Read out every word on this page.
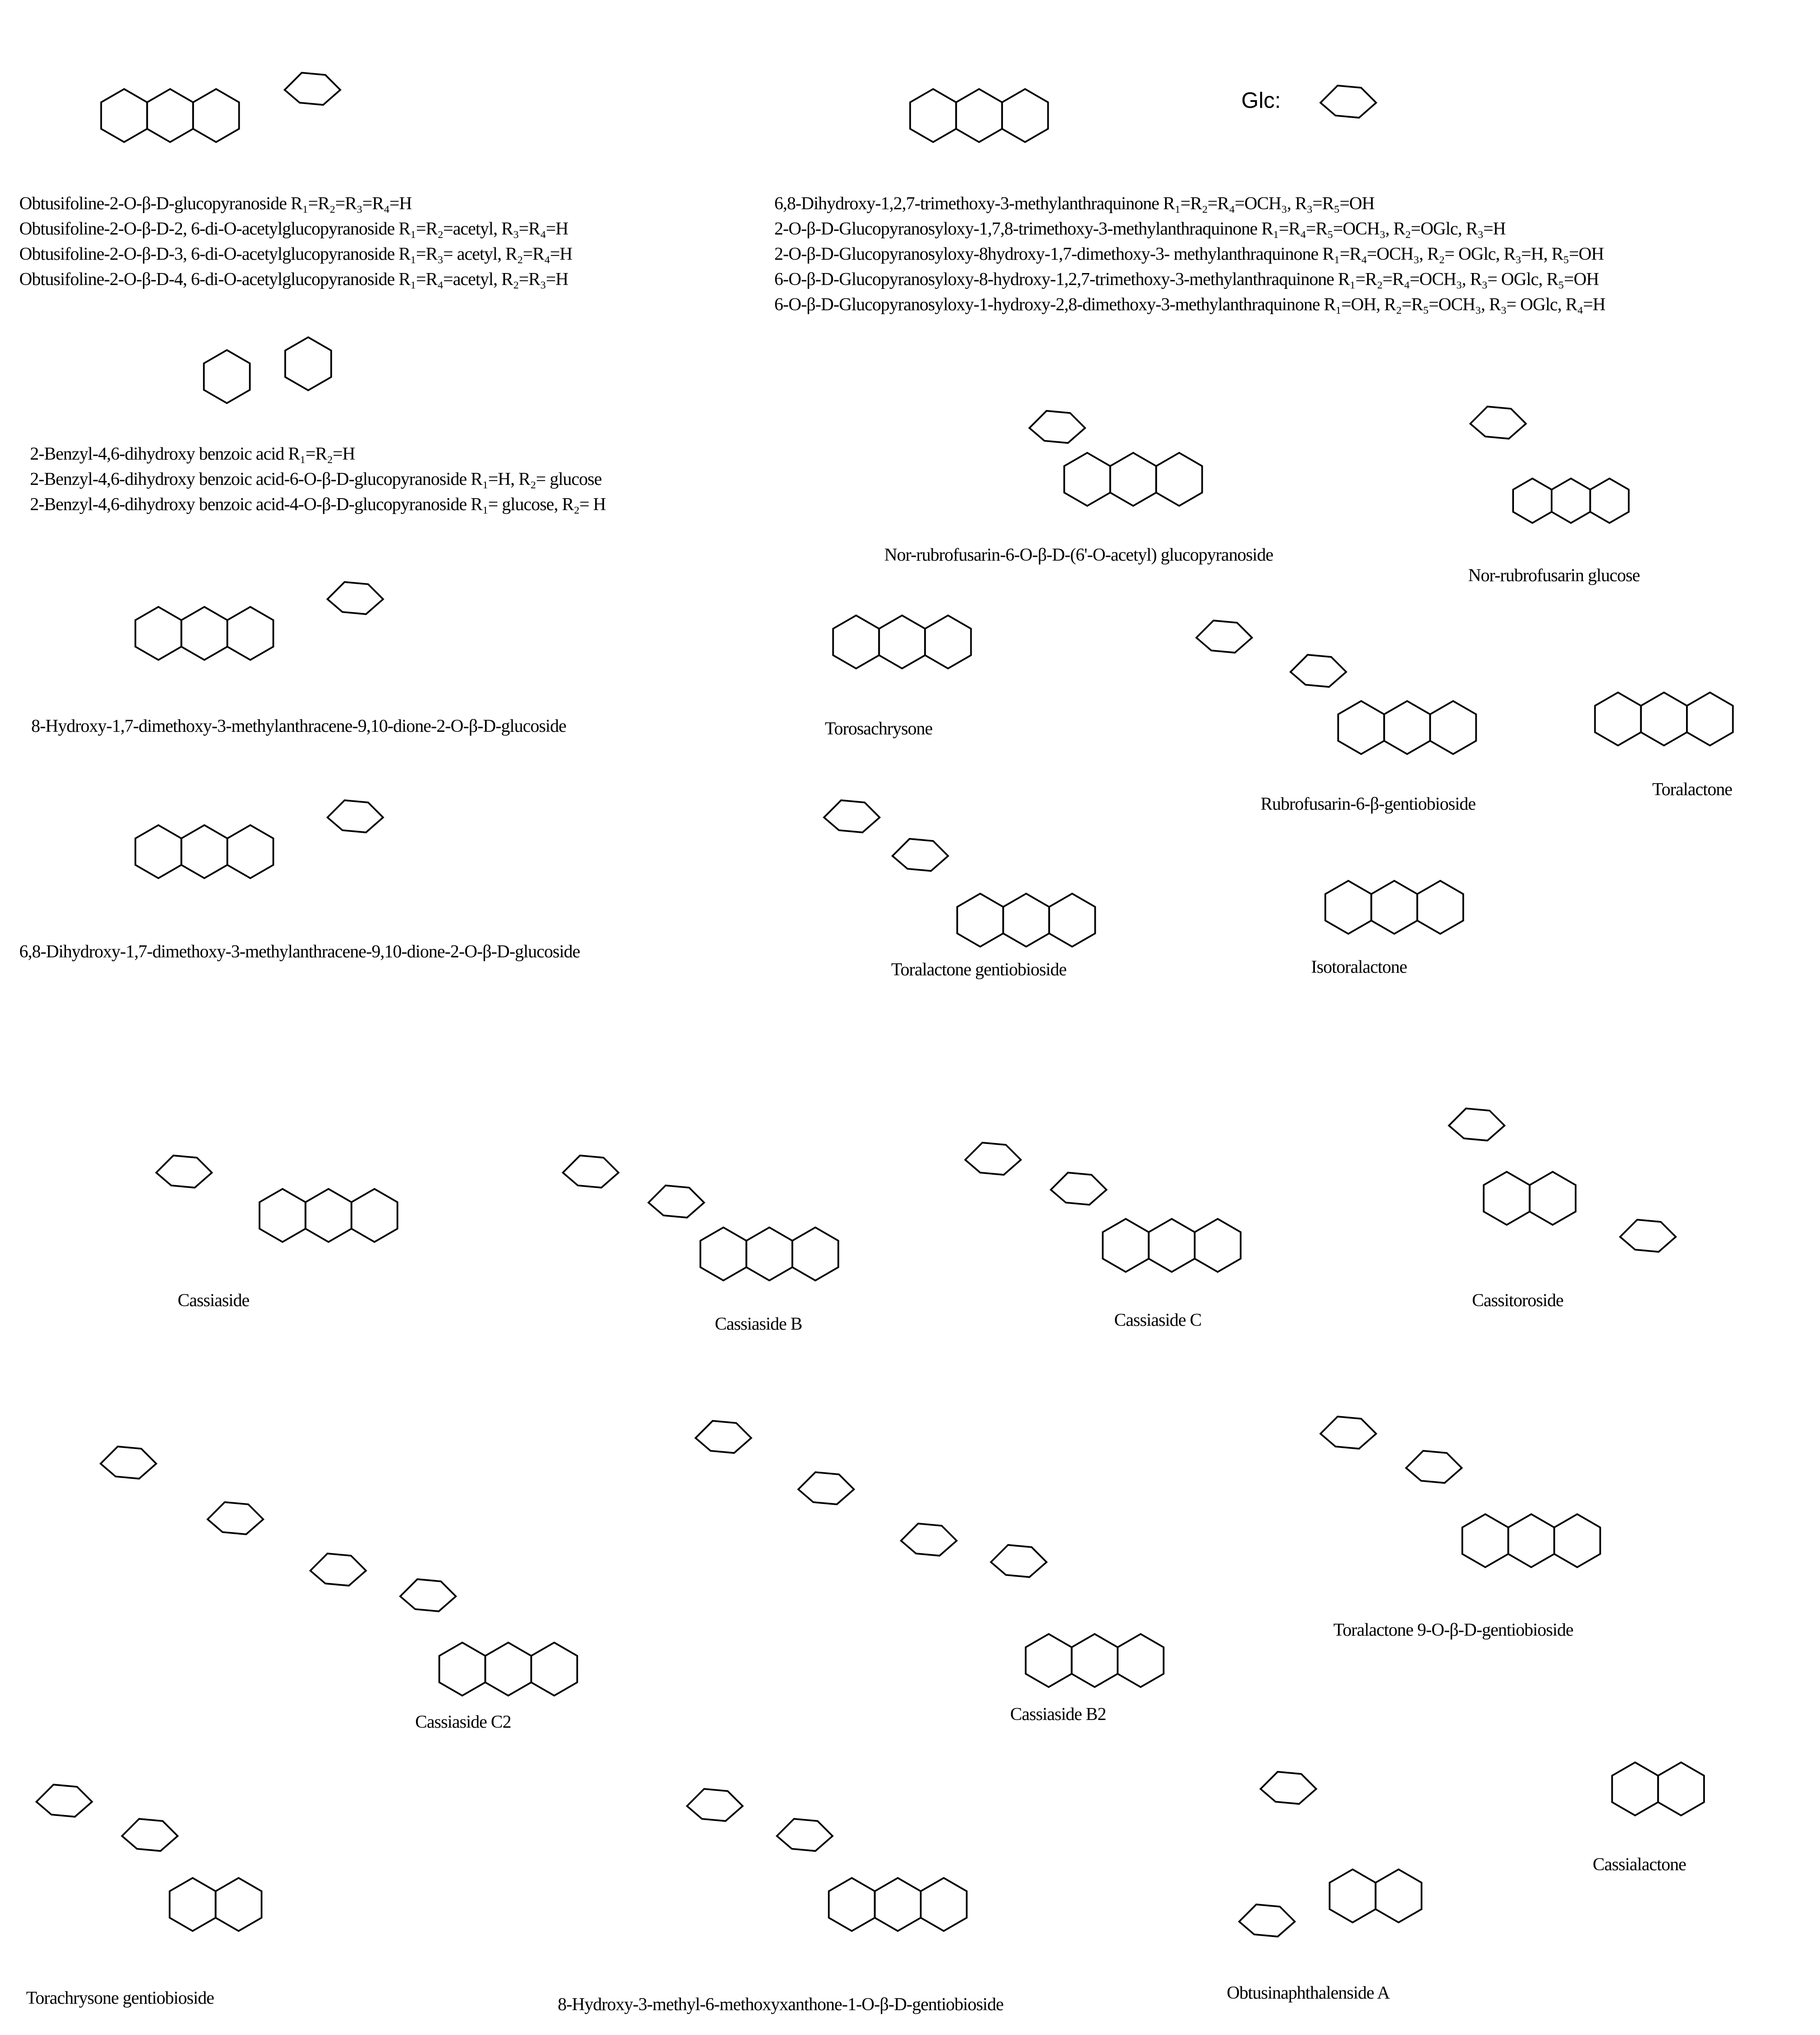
Glc:
Obtusifoline-2-O-β-D-glucopyranoside R₁=R₂=R₃=R₄=H
Obtusifoline-2-O-β-D-2, 6-di-O-acetylglucopyranoside R₁=R₂=acetyl, R₃=R₄=H
Obtusifoline-2-O-β-D-3, 6-di-O-acetylglucopyranoside R₁=R₃= acetyl, R₂=R₄=H
Obtusifoline-2-O-β-D-4, 6-di-O-acetylglucopyranoside R₁=R₄=acetyl, R₂=R₃=H
6,8-Dihydroxy-1,2,7-trimethoxy-3-methylanthraquinone R₁=R₂=R₄=OCH₃, R₃=R₅=OH
2-O-β-D-Glucopyranosyloxy-1,7,8-trimethoxy-3-methylanthraquinone R₁=R₄=R₅=OCH₃, R₂=OGlc, R₃=H
2-O-β-D-Glucopyranosyloxy-8hydroxy-1,7-dimethoxy-3- methylanthraquinone R₁=R₄=OCH₃, R₂= OGlc, R₃=H, R₅=OH
6-O-β-D-Glucopyranosyloxy-8-hydroxy-1,2,7-trimethoxy-3-methylanthraquinone R₁=R₂=R₄=OCH₃, R₃= OGlc, R₅=OH
6-O-β-D-Glucopyranosyloxy-1-hydroxy-2,8-dimethoxy-3-methylanthraquinone R₁=OH, R₂=R₅=OCH₃, R₃= OGlc, R₄=H
2-Benzyl-4,6-dihydroxy benzoic acid R₁=R₂=H
2-Benzyl-4,6-dihydroxy benzoic acid-6-O-β-D-glucopyranoside R₁=H, R₂= glucose
2-Benzyl-4,6-dihydroxy benzoic acid-4-O-β-D-glucopyranoside R₁= glucose, R₂= H
8-Hydroxy-1,7-dimethoxy-3-methylanthracene-9,10-dione-2-O-β-D-glucoside
6,8-Dihydroxy-1,7-dimethoxy-3-methylanthracene-9,10-dione-2-O-β-D-glucoside
Nor-rubrofusarin-6-O-β-D-(6'-O-acetyl) glucopyranoside
Nor-rubrofusarin glucose
Torosachrysone
Rubrofusarin-6-β-gentiobioside
Toralactone
Toralactone gentiobioside	Isotoralactone
Cassiaside
Cassiaside B	Cassiaside C
Cassitoroside
Cassiaside C2	Cassiaside B2
Toralactone 9-O-β-D-gentiobioside
Torachrysone gentiobioside	8-Hydroxy-3-methyl-6-methoxyxanthone-1-O-β-D-gentiobioside
Obtusinaphthalenside A
Cassialactone
